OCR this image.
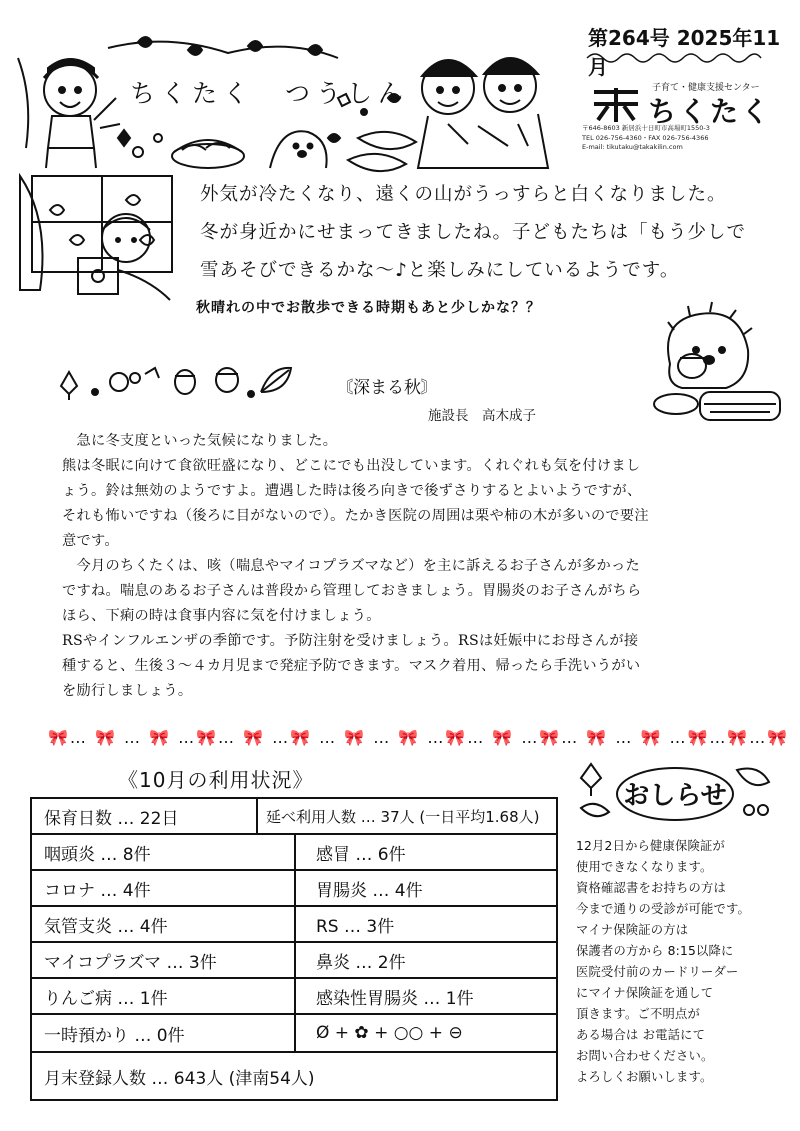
ちくたく　つうしん
第264号 2025年11月
子育て・健康支援センター
ちくたく
〒646-8603 新居浜十日町市高場町1550-3
TEL 026-756-4360・FAX 026-756-4366
E-mail: tikutaku@takakilin.com
外気が冷たくなり、遠くの山がうっすらと白くなりました。
冬が身近かにせまってきましたね。子どもたちは「もう少しで
雪あそびできるかな～♪と楽しみにしているようです。
秋晴れの中でお散歩できる時期もあと少しかな？？
〘深まる秋〙
施設長　高木成子
　急に冬支度といった気候になりました。
熊は冬眠に向けて食欲旺盛になり、どこにでも出没しています。くれぐれも気を付けまし
ょう。鈴は無効のようですよ。遭遇した時は後ろ向きで後ずさりするとよいようですが、
それも怖いですね（後ろに目がないので）。たかき医院の周囲は栗や柿の木が多いので要注
意です。
　今月のちくたくは、咳（喘息やマイコプラズマなど）を主に訴えるお子さんが多かった
ですね。喘息のあるお子さんは普段から管理しておきましょう。胃腸炎のお子さんがちら
ほら、下痢の時は食事内容に気を付けましょう。
RSやインフルエンザの季節です。予防注射を受けましょう。RSは妊娠中にお母さんが接
種すると、生後３～４カ月児まで発症予防できます。マスク着用、帰ったら手洗いうがい
を励行しましょう。
🎀… 🎀 … 🎀 …🎀… 🎀 …🎀 … 🎀 … 🎀 …🎀… 🎀 …🎀… 🎀 … 🎀 …🎀…🎀…🎀
《10月の利用状況》
保育日数 … 22日	延べ利用人数 … 37人 (一日平均1.68人)
咽頭炎 … 8件	感冒 … 6件
コロナ … 4件	胃腸炎 … 4件
気管支炎 … 4件	RS … 3件
マイコプラズマ … 3件	鼻炎 … 2件
りんご病 … 1件	感染性胃腸炎 … 1件
一時預かり … 0件	Ø + ✿ + ○○ + ⊖
月末登録人数 … 643人 (津南54人)
おしらせ
12月2日から健康保険証が
使用できなくなります。
資格確認書をお持ちの方は
今まで通りの受診が可能です。
マイナ保険証の方は
保護者の方から 8:15以降に
医院受付前のカードリーダー
にマイナ保険証を通して
頂きます。ご不明点が
ある場合は お電話にて
お問い合わせください。
よろしくお願いします。
